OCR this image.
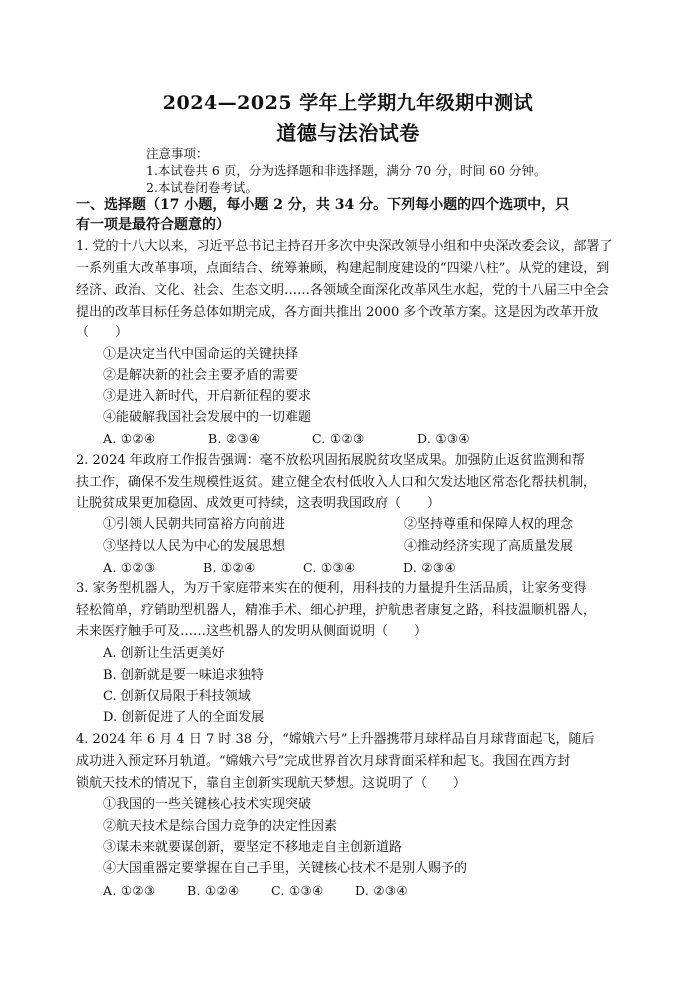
2024—2025 学年上学期九年级期中测试
道德与法治试卷
注意事项：
1.本试卷共 6 页，分为选择题和非选择题，满分 70 分，时间 60 分钟。
2.本试卷闭卷考试。
一、选择题（17 小题，每小题 2 分，共 34 分。下列每小题的四个选项中，只
有一项是最符合题意的）
1. 党的十八大以来，习近平总书记主持召开多次中央深改领导小组和中央深改委会议，部署了
一系列重大改革事项，点面结合、统筹兼顾，构建起制度建设的“四梁八柱”。从党的建设，到
经济、政治、文化、社会、生态文明……各领域全面深化改革风生水起，党的十八届三中全会
提出的改革目标任务总体如期完成，各方面共推出 2000 多个改革方案。这是因为改革开放
（　　）
①是决定当代中国命运的关键抉择
②是解决新的社会主要矛盾的需要
③是进入新时代，开启新征程的要求
④能破解我国社会发展中的一切难题
A. ①②④	B. ②③④	C. ①②③	D. ①③④
2. 2024 年政府工作报告强调：毫不放松巩固拓展脱贫攻坚成果。加强防止返贫监测和帮
扶工作，确保不发生规模性返贫。建立健全农村低收入人口和欠发达地区常态化帮扶机制，
让脱贫成果更加稳固、成效更可持续，这表明我国政府（　　）
①引领人民朝共同富裕方向前进	②坚持尊重和保障人权的理念
③坚持以人民为中心的发展思想	④推动经济实现了高质量发展
A. ①②③	B. ①②④	C. ①③④	D. ②③④
3. 家务型机器人，为万千家庭带来实在的便利，用科技的力量提升生活品质，让家务变得
轻松简单，疗销助型机器人，精准手术、细心护理，护航患者康复之路，科技温顺机器人，
未来医疗触手可及……这些机器人的发明从侧面说明（　　）
A. 创新让生活更美好
B. 创新就是要一味追求独特
C. 创新仅局限于科技领域
D. 创新促进了人的全面发展
4. 2024 年 6 月 4 日 7 时 38 分，“嫦娥六号”上升器携带月球样品自月球背面起飞，随后
成功进入预定环月轨道。“嫦娥六号”完成世界首次月球背面采样和起飞。我国在西方封
锁航天技术的情况下，靠自主创新实现航天梦想。这说明了（　　）
①我国的一些关键核心技术实现突破
②航天技术是综合国力竞争的决定性因素
③谋未来就要谋创新，要坚定不移地走自主创新道路
④大国重器定要掌握在自己手里，关键核心技术不是别人赐予的
A. ①②③	B. ①②④	C. ①③④	D. ②③④
